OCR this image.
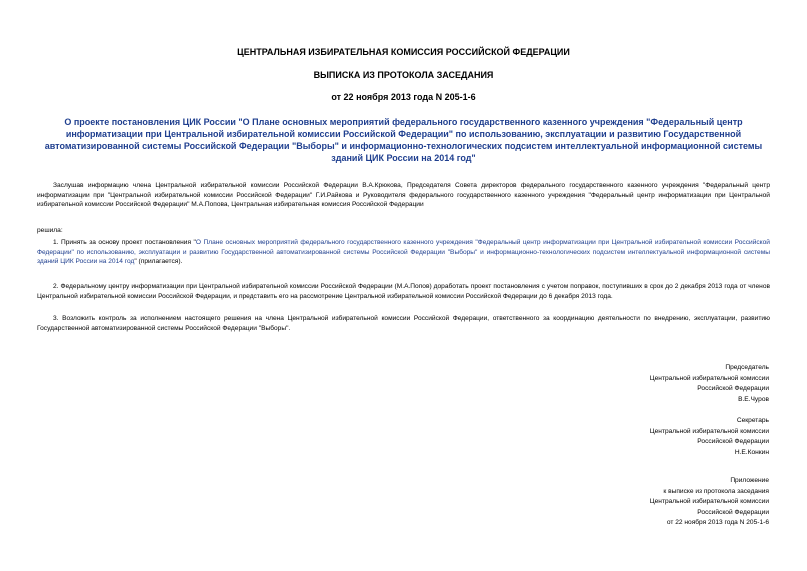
ЦЕНТРАЛЬНАЯ ИЗБИРАТЕЛЬНАЯ КОМИССИЯ РОССИЙСКОЙ ФЕДЕРАЦИИ
ВЫПИСКА ИЗ ПРОТОКОЛА ЗАСЕДАНИЯ
от 22 ноября 2013 года N 205-1-6
О проекте постановления ЦИК России "О Плане основных мероприятий федерального государственного казенного учреждения "Федеральный центр информатизации при Центральной избирательной комиссии Российской Федерации" по использованию, эксплуатации и развитию Государственной автоматизированной системы Российской Федерации "Выборы" и информационно-технологических подсистем интеллектуальной информационной системы зданий ЦИК России на 2014 год"
Заслушав информацию члена Центральной избирательной комиссии Российской Федерации В.А.Крюкова, Председателя Совета директоров федерального государственного казенного учреждения "Федеральный центр информатизации при "Центральной избирательной комиссии Российской Федерации" Г.И.Райкова и Руководителя федерального государственного казенного учреждения "Федеральный центр информатизации при Центральной избирательной комиссии Российской Федерации" М.А.Попова, Центральная избирательная комиссия Российской Федерации
решила:
1. Принять за основу проект постановления "О Плане основных мероприятий федерального государственного казенного учреждения "Федеральный центр информатизации при Центральной избирательной комиссии Российской Федерации" по использованию, эксплуатации и развитию Государственной автоматизированной системы Российской Федерации "Выборы" и информационно-технологических подсистем интеллектуальной информационной системы зданий ЦИК России на 2014 год" (прилагается).
2. Федеральному центру информатизации при Центральной избирательной комиссии Российской Федерации (М.А.Попов) доработать проект постановления с учетом поправок, поступивших в срок до 2 декабря 2013 года от членов Центральной избирательной комиссии Российской Федерации, и представить его на рассмотрение Центральной избирательной комиссии Российской Федерации до 6 декабря 2013 года.
3. Возложить контроль за исполнением настоящего решения на члена Центральной избирательной комиссии Российской Федерации, ответственного за координацию деятельности по внедрению, эксплуатации, развитию Государственной автоматизированной системы Российской Федерации "Выборы".
Председатель
Центральной избирательной комиссии
Российской Федерации
В.Е.Чуров
Секретарь
Центральной избирательной комиссии
Российской Федерации
Н.Е.Конкин
Приложение
к выписке из протокола заседания
Центральной избирательной комиссии
Российской Федерации
от 22 ноября 2013 года N 205-1-6
